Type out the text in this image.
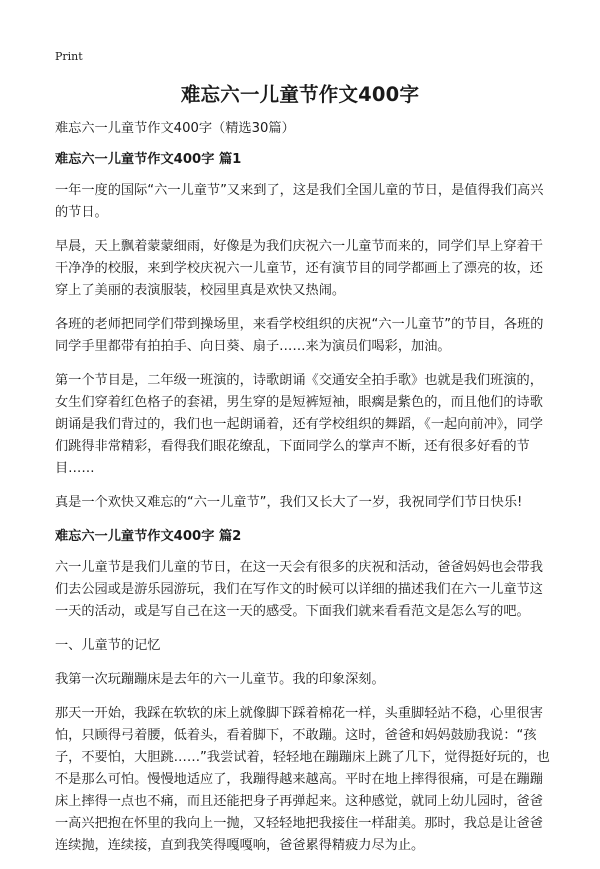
Print
难忘六一儿童节作文400字

难忘六一儿童节作文400字（精选30篇）

难忘六一儿童节作文400字 篇1

一年一度的国际“六一儿童节”又来到了，这是我们全国儿童的节日，是值得我们高兴的节日。

早晨，天上飘着蒙蒙细雨，好像是为我们庆祝六一儿童节而来的，同学们早上穿着干干净净的校服，来到学校庆祝六一儿童节，还有演节目的同学都画上了漂亮的妆，还穿上了美丽的表演服装，校园里真是欢快又热闹。

各班的老师把同学们带到操场里，来看学校组织的庆祝“六一儿童节”的节目，各班的同学手里都带有拍拍手、向日葵、扇子……来为演员们喝彩，加油。

第一个节目是，二年级一班演的，诗歌朗诵《交通安全拍手歌》也就是我们班演的，女生们穿着红色格子的套裙，男生穿的是短裤短袖，眼瘸是紫色的，而且他们的诗歌朗诵是我们背过的，我们也一起朗诵着，还有学校组织的舞蹈，《一起向前冲》，同学们跳得非常精彩，看得我们眼花缭乱，下面同学么的掌声不断，还有很多好看的节目……

真是一个欢快又难忘的“六一儿童节”，我们又长大了一岁，我祝同学们节日快乐!

难忘六一儿童节作文400字 篇2

六一儿童节是我们儿童的节日，在这一天会有很多的庆祝和活动，爸爸妈妈也会带我们去公园或是游乐园游玩，我们在写作文的时候可以详细的描述我们在六一儿童节这一天的活动，或是写自己在这一天的感受。下面我们就来看看范文是怎么写的吧。

一、儿童节的记忆

我第一次玩蹦蹦床是去年的六一儿童节。我的印象深刻。

那天一开始，我踩在软软的床上就像脚下踩着棉花一样，头重脚轻站不稳，心里很害怕，只顾得弓着腰，低着头，看着脚下，不敢蹦。这时，爸爸和妈妈鼓励我说：“孩子，不要怕，大胆跳……”我尝试着，轻轻地在蹦蹦床上跳了几下，觉得挺好玩的，也不是那么可怕。慢慢地适应了，我蹦得越来越高。平时在地上摔得很痛，可是在蹦蹦床上摔得一点也不痛，而且还能把身子再弹起来。这种感觉，就同上幼儿园时，爸爸一高兴把抱在怀里的我向上一抛，又轻轻地把我接住一样甜美。那时，我总是让爸爸连续抛，连续接，直到我笑得嘎嘎响，爸爸累得精疲力尽为止。
